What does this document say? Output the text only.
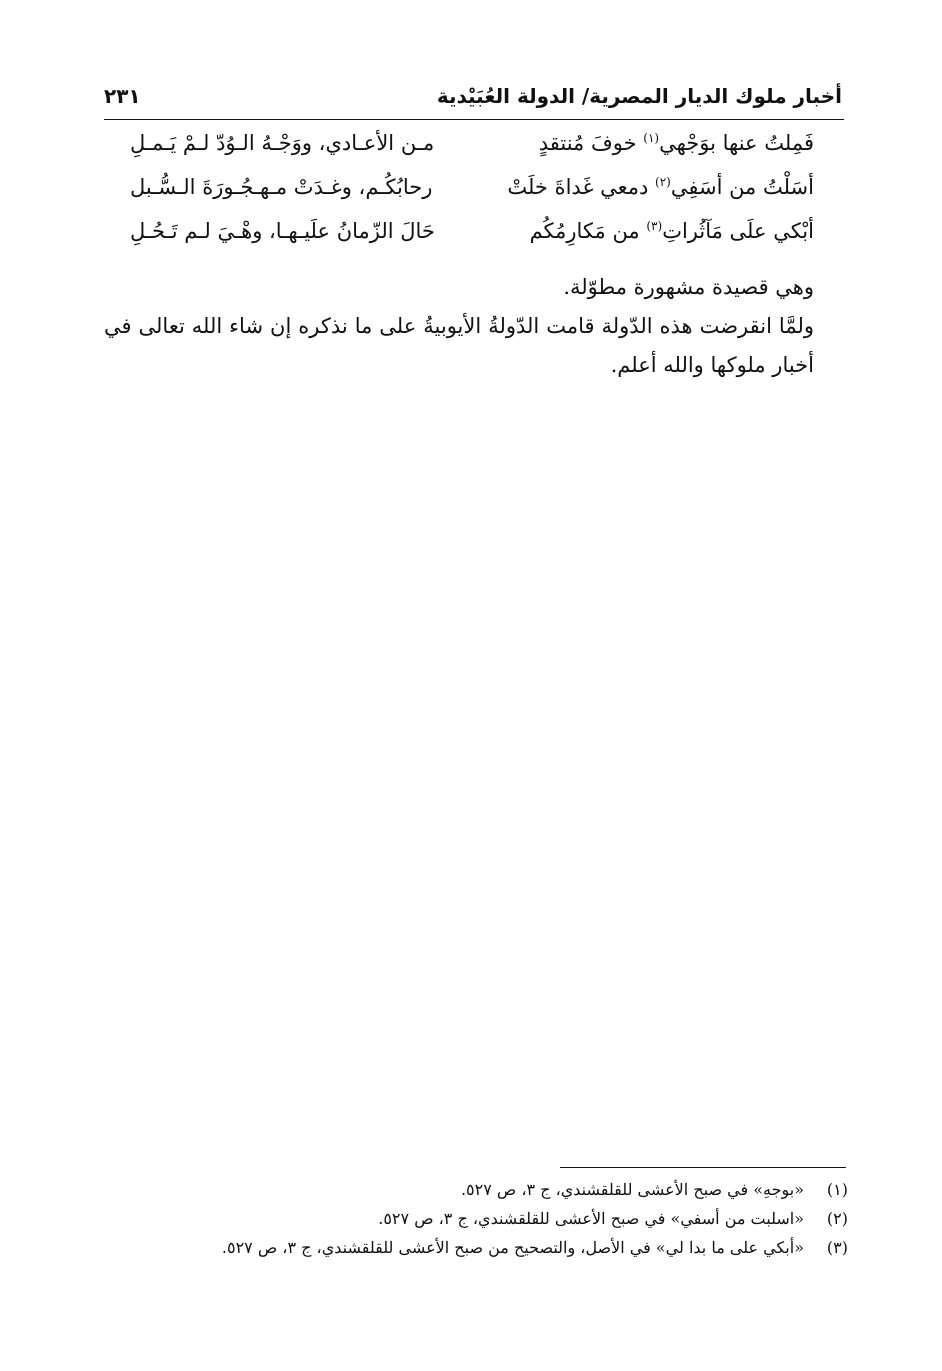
أخبار ملوك الديار المصرية/ الدولة العُبَيْدية
٢٣١
فَمِلتُ عنها بوَجْهي$^{(١)}$ خوفَ مُنتقدٍ
مـن الأعـادي، ووَجْـهُ الـوُدّ لـمْ يَـمـلِ
أسَلْتُ من أسَفِي$^{(٢)}$ دمعي غَداةَ خلَتْ
رحابُكُـم، وغـدَتْ مـهـجُـورَةَ الـسُّـبل
أبْكي علَى مَآثُراتِ$^{(٣)}$ من مَكارِمُكُم
حَالَ الزّمانُ علَيـهـا، وهْـيَ لـم تَـحُـلِ

وهي قصيدة مشهورة مطوّلة.

ولمَّا انقرضت هذه الدّولة قامت الدّولةُ الأيوبيةُ على ما نذكره إن شاء الله تعالى في أخبار ملوكها والله أعلم.

(١)«بوجهِ» في صبح الأعشى للقلقشندي، ج ٣، ص ٥٢٧.
(٢)«اسلبت من أسفي» في صبح الأعشى للقلقشندي، ج ٣، ص ٥٢٧.
(٣)«أبكي على ما بدا لي» في الأصل، والتصحيح من صبح الأعشى للقلقشندي، ج ٣، ص ٥٢٧.
